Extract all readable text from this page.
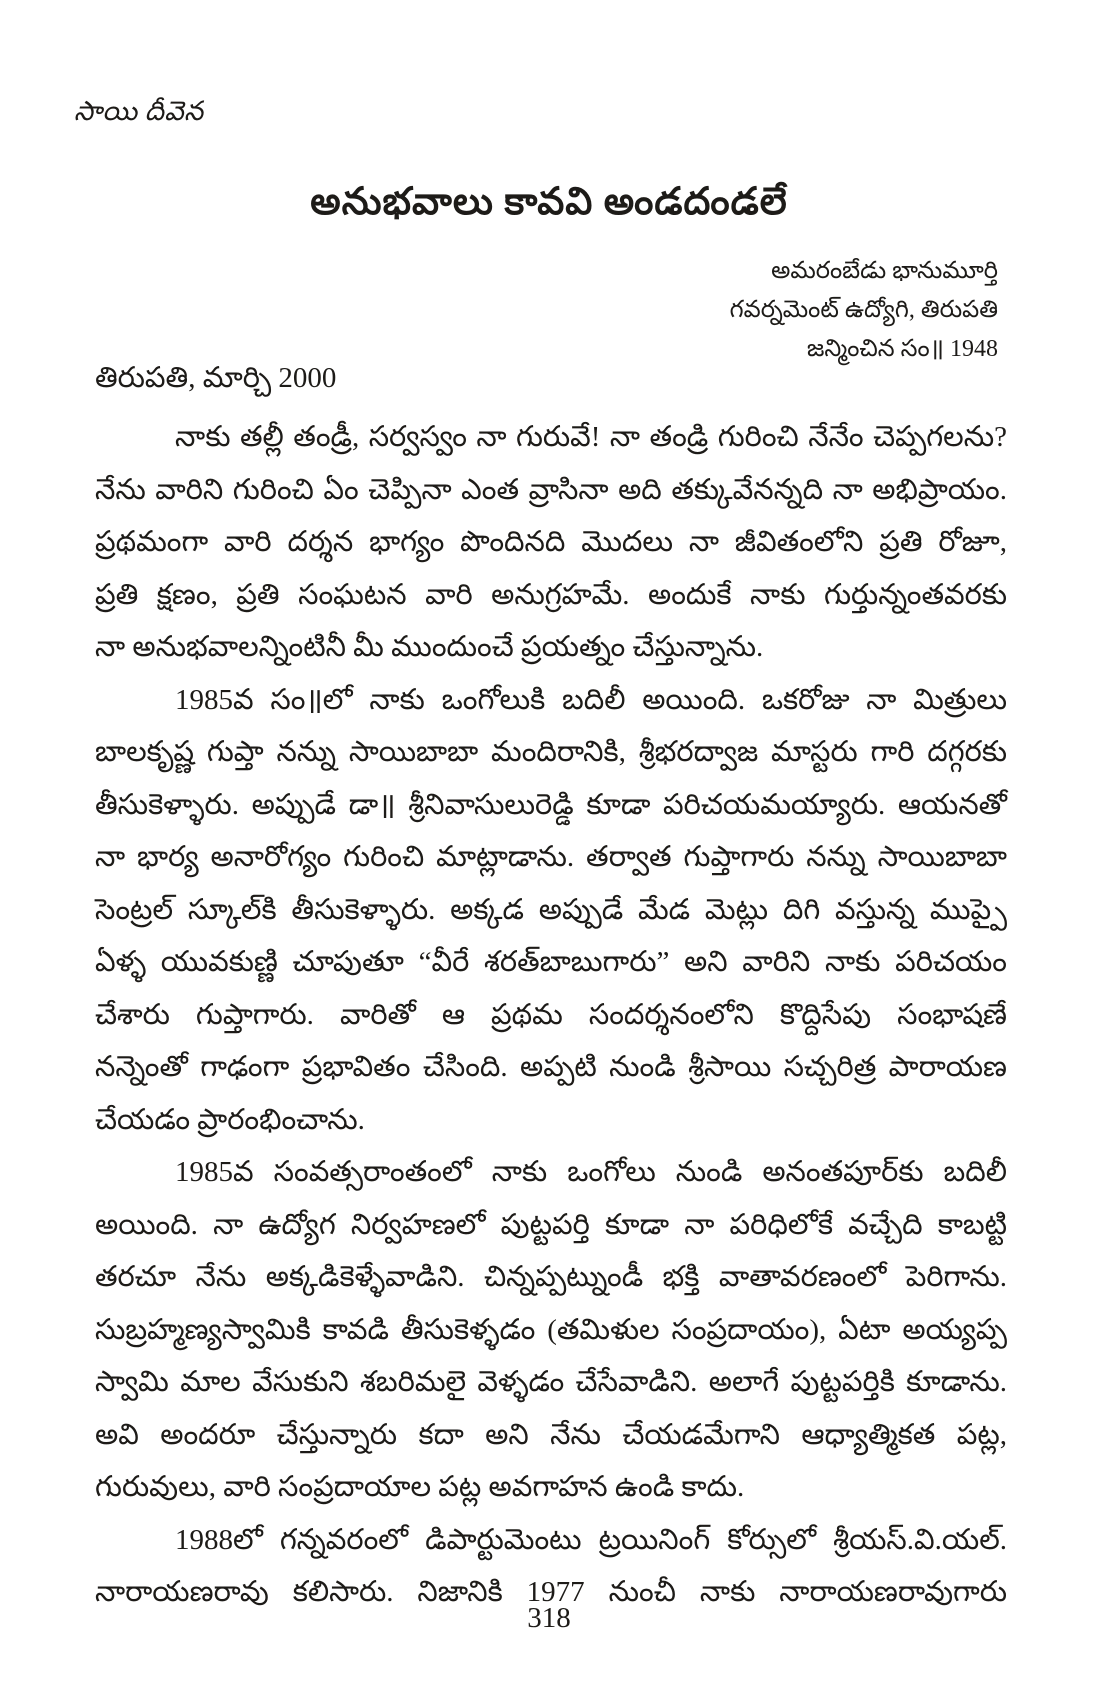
సాయి దీవెన
అనుభవాలు కావవి అండదండలే
అమరంబేడు భానుమూర్తి
గవర్నమెంట్ ఉద్యోగి, తిరుపతి
జన్మించిన సం॥ 1948
తిరుపతి, మార్చి 2000
నాకు తల్లీ తండ్రీ, సర్వస్వం నా గురువే! నా తండ్రి గురించి నేనేం చెప్పగలను?
నేను వారిని గురించి ఏం చెప్పినా ఎంత వ్రాసినా అది తక్కువేనన్నది నా అభిప్రాయం.
ప్రథమంగా వారి దర్శన భాగ్యం పొందినది మొదలు నా జీవితంలోని ప్రతి రోజూ,
ప్రతి క్షణం, ప్రతి సంఘటన వారి అనుగ్రహమే. అందుకే నాకు గుర్తున్నంతవరకు
నా అనుభవాలన్నింటినీ మీ ముందుంచే ప్రయత్నం చేస్తున్నాను.
1985వ సం॥లో నాకు ఒంగోలుకి బదిలీ అయింది. ఒకరోజు నా మిత్రులు
బాలకృష్ణ గుప్తా నన్ను సాయిబాబా మందిరానికి, శ్రీభరద్వాజ మాస్టరు గారి దగ్గరకు
తీసుకెళ్ళారు. అప్పుడే డా॥ శ్రీనివాసులురెడ్డి కూడా పరిచయమయ్యారు. ఆయనతో
నా భార్య అనారోగ్యం గురించి మాట్లాడాను. తర్వాత గుప్తాగారు నన్ను సాయిబాబా
సెంట్రల్ స్కూల్‌కి తీసుకెళ్ళారు. అక్కడ అప్పుడే మేడ మెట్లు దిగి వస్తున్న ముప్పై
ఏళ్ళ యువకుణ్ణి చూపుతూ “వీరే శరత్‌బాబుగారు” అని వారిని నాకు పరిచయం
చేశారు గుప్తాగారు. వారితో ఆ ప్రథమ సందర్శనంలోని కొద్దిసేపు సంభాషణే
నన్నెంతో గాఢంగా ప్రభావితం చేసింది. అప్పటి నుండి శ్రీసాయి సచ్చరిత్ర పారాయణ
చేయడం ప్రారంభించాను.
1985వ సంవత్సరాంతంలో నాకు ఒంగోలు నుండి అనంతపూర్‌కు బదిలీ
అయింది. నా ఉద్యోగ నిర్వహణలో పుట్టపర్తి కూడా నా పరిధిలోకే వచ్చేది కాబట్టి
తరచూ నేను అక్కడికెళ్ళేవాడిని. చిన్నప్పట్నుండీ భక్తి వాతావరణంలో పెరిగాను.
సుబ్రహ్మణ్యస్వామికి కావడి తీసుకెళ్ళడం (తమిళుల సంప్రదాయం), ఏటా అయ్యప్ప
స్వామి మాల వేసుకుని శబరిమలై వెళ్ళడం చేసేవాడిని. అలాగే పుట్టపర్తికి కూడాను.
అవి అందరూ చేస్తున్నారు కదా అని నేను చేయడమేగాని ఆధ్యాత్మికత పట్ల,
గురువులు, వారి సంప్రదాయాల పట్ల అవగాహన ఉండి కాదు.
1988లో గన్నవరంలో డిపార్టుమెంటు ట్రయినింగ్ కోర్సులో శ్రీయస్.వి.యల్.
నారాయణరావు కలిసారు. నిజానికి 1977 నుంచీ నాకు నారాయణరావుగారు
318
